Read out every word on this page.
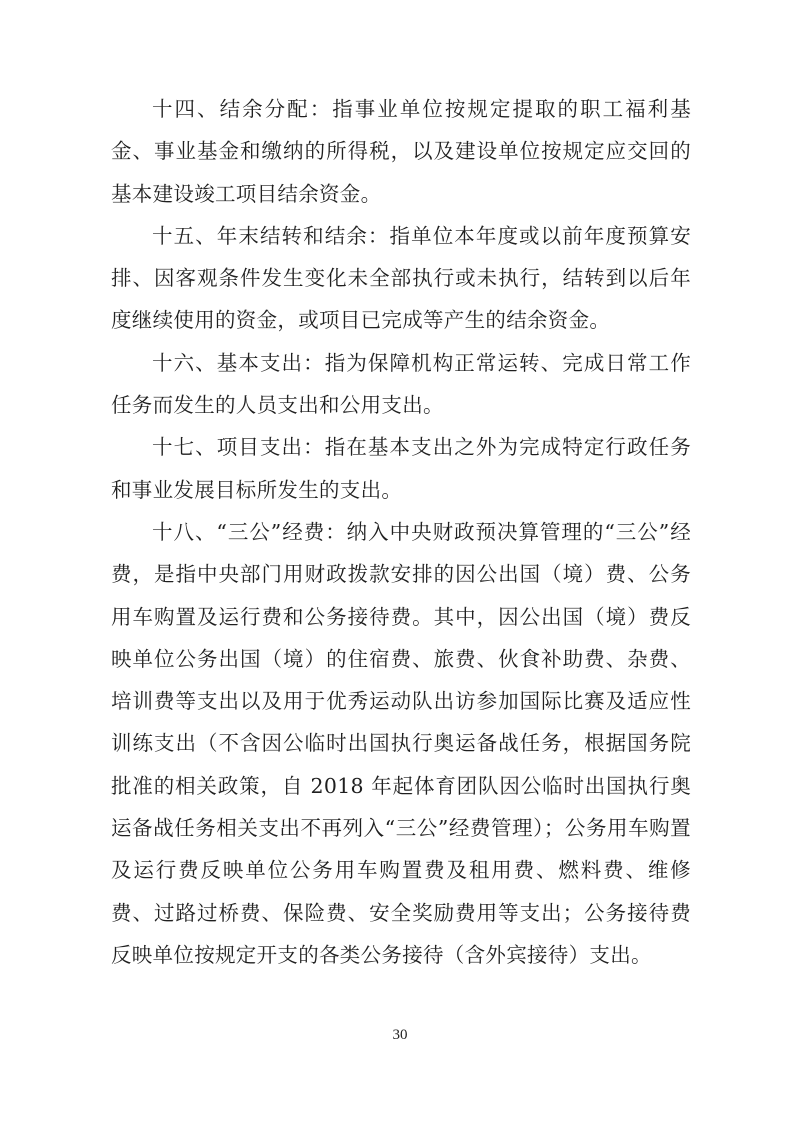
十四、结余分配：指事业单位按规定提取的职工福利基金、事业基金和缴纳的所得税，以及建设单位按规定应交回的基本建设竣工项目结余资金。

十五、年末结转和结余：指单位本年度或以前年度预算安排、因客观条件发生变化未全部执行或未执行，结转到以后年度继续使用的资金，或项目已完成等产生的结余资金。

十六、基本支出：指为保障机构正常运转、完成日常工作任务而发生的人员支出和公用支出。

十七、项目支出：指在基本支出之外为完成特定行政任务和事业发展目标所发生的支出。

十八、“三公”经费：纳入中央财政预决算管理的“三公”经费，是指中央部门用财政拨款安排的因公出国（境）费、公务用车购置及运行费和公务接待费。其中，因公出国（境）费反映单位公务出国（境）的住宿费、旅费、伙食补助费、杂费、培训费等支出以及用于优秀运动队出访参加国际比赛及适应性训练支出（不含因公临时出国执行奥运备战任务，根据国务院批准的相关政策，自 2018 年起体育团队因公临时出国执行奥运备战任务相关支出不再列入“三公”经费管理）；公务用车购置及运行费反映单位公务用车购置费及租用费、燃料费、维修费、过路过桥费、保险费、安全奖励费用等支出；公务接待费反映单位按规定开支的各类公务接待（含外宾接待）支出。

30
